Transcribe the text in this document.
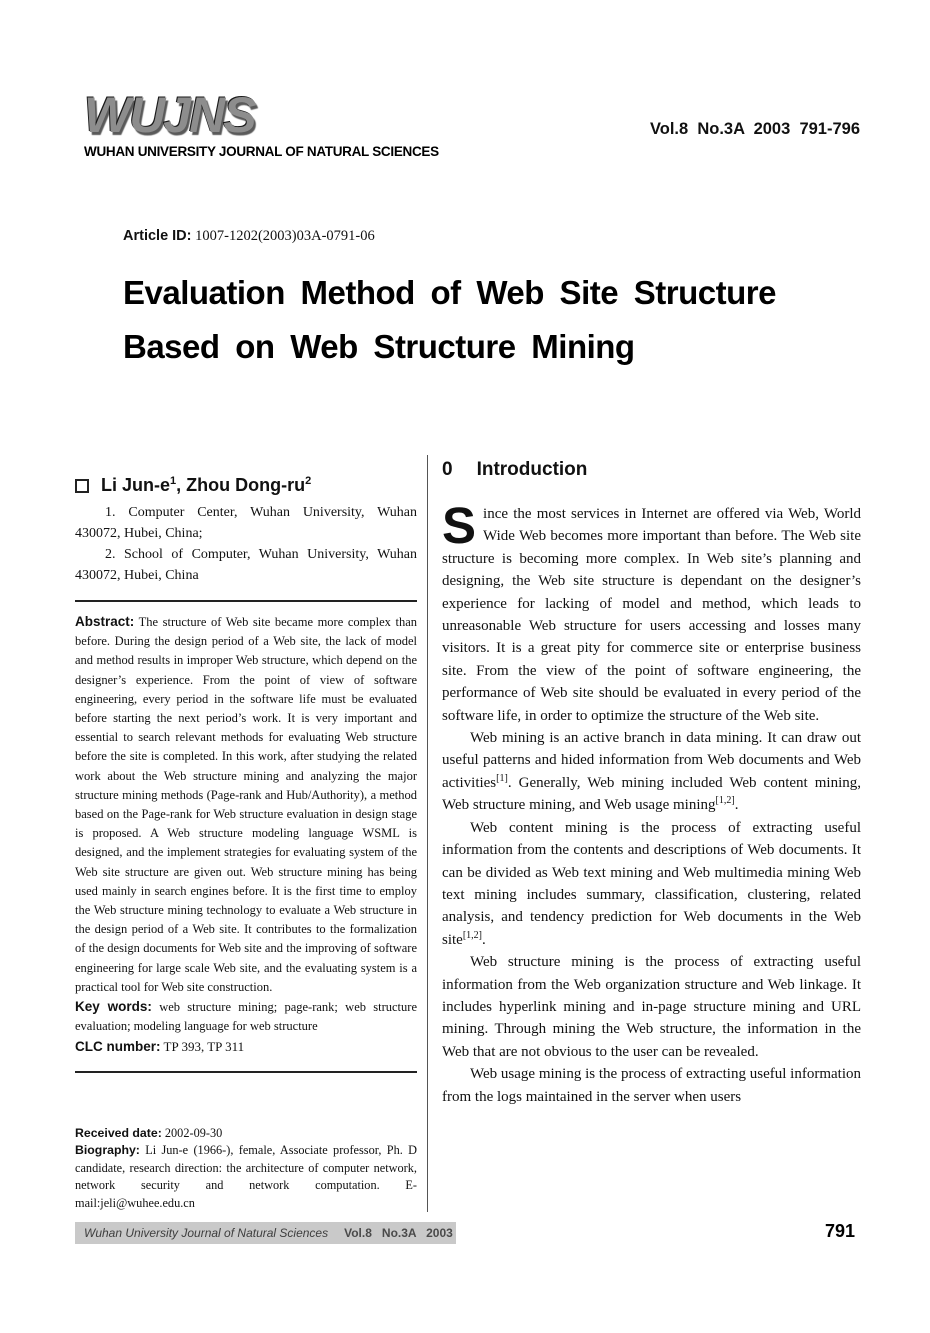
WUJNS
WUHAN UNIVERSITY JOURNAL OF NATURAL SCIENCES
Vol.8  No.3A  2003  791-796
Article ID: 1007-1202(2003)03A-0791-06
Evaluation Method of Web Site Structure
Based on Web Structure Mining
Li Jun-$e^1$, Zhou Dong-$ru^2$

1. Computer Center, Wuhan University, Wuhan 430072, Hubei, China;

2. School of Computer, Wuhan University, Wuhan 430072, Hubei, China

Abstract: The structure of Web site became more complex than before. During the design period of a Web site, the lack of model and method results in improper Web structure, which depend on the designer’s experience. From the point of view of software engineering, every period in the software life must be evaluated before starting the next period’s work. It is very important and essential to search relevant methods for evaluating Web structure before the site is completed. In this work, after studying the related work about the Web structure mining and analyzing the major structure mining methods (Page-rank and Hub/Authority), a method based on the Page-rank for Web structure evaluation in design stage is proposed. A Web structure modeling language WSML is designed, and the implement strategies for evaluating system of the Web site structure are given out. Web structure mining has being used mainly in search engines before. It is the first time to employ the Web structure mining technology to evaluate a Web structure in the design period of a Web site. It contributes to the formalization of the design documents for Web site and the improving of software engineering for large scale Web site, and the evaluating system is a practical tool for Web site construction.

Key words: web structure mining; page-rank; web structure evaluation; modeling language for web structure

CLC number: TP 393, TP 311

Received date: 2002-09-30

Biography: Li Jun-e (1966-), female, Associate professor, Ph. D candidate, research direction: the architecture of computer network, network security and network computation. E-mail:jeli@wuhee.edu.cn

0 Introduction

Since the most services in Internet are offered via Web, World Wide Web becomes more important than before. The Web site structure is becoming more complex. In Web site’s planning and designing, the Web site structure is dependant on the designer’s experience for lacking of model and method, which leads to unreasonable Web structure for users accessing and losses many visitors. It is a great pity for commerce site or enterprise business site. From the view of the point of software engineering, the performance of Web site should be evaluated in every period of the software life, in order to optimize the structure of the Web site.

Web mining is an active branch in data mining. It can draw out useful patterns and hided information from Web documents and Web activities[1]. Generally, Web mining included Web content mining, Web structure mining, and Web usage mining[1,2].

Web content mining is the process of extracting useful information from the contents and descriptions of Web documents. It can be divided as Web text mining and Web multimedia mining Web text mining includes summary, classification, clustering, related analysis, and tendency prediction for Web documents in the Web site[1,2].

Web structure mining is the process of extracting useful information from the Web organization structure and Web linkage. It includes hyperlink mining and in-page structure mining and URL mining. Through mining the Web structure, the information in the Web that are not obvious to the user can be revealed.

Web usage mining is the process of extracting useful information from the logs maintained in the server when users

Wuhan University Journal of Natural Sciences Vol.8   No.3A   2003	791
